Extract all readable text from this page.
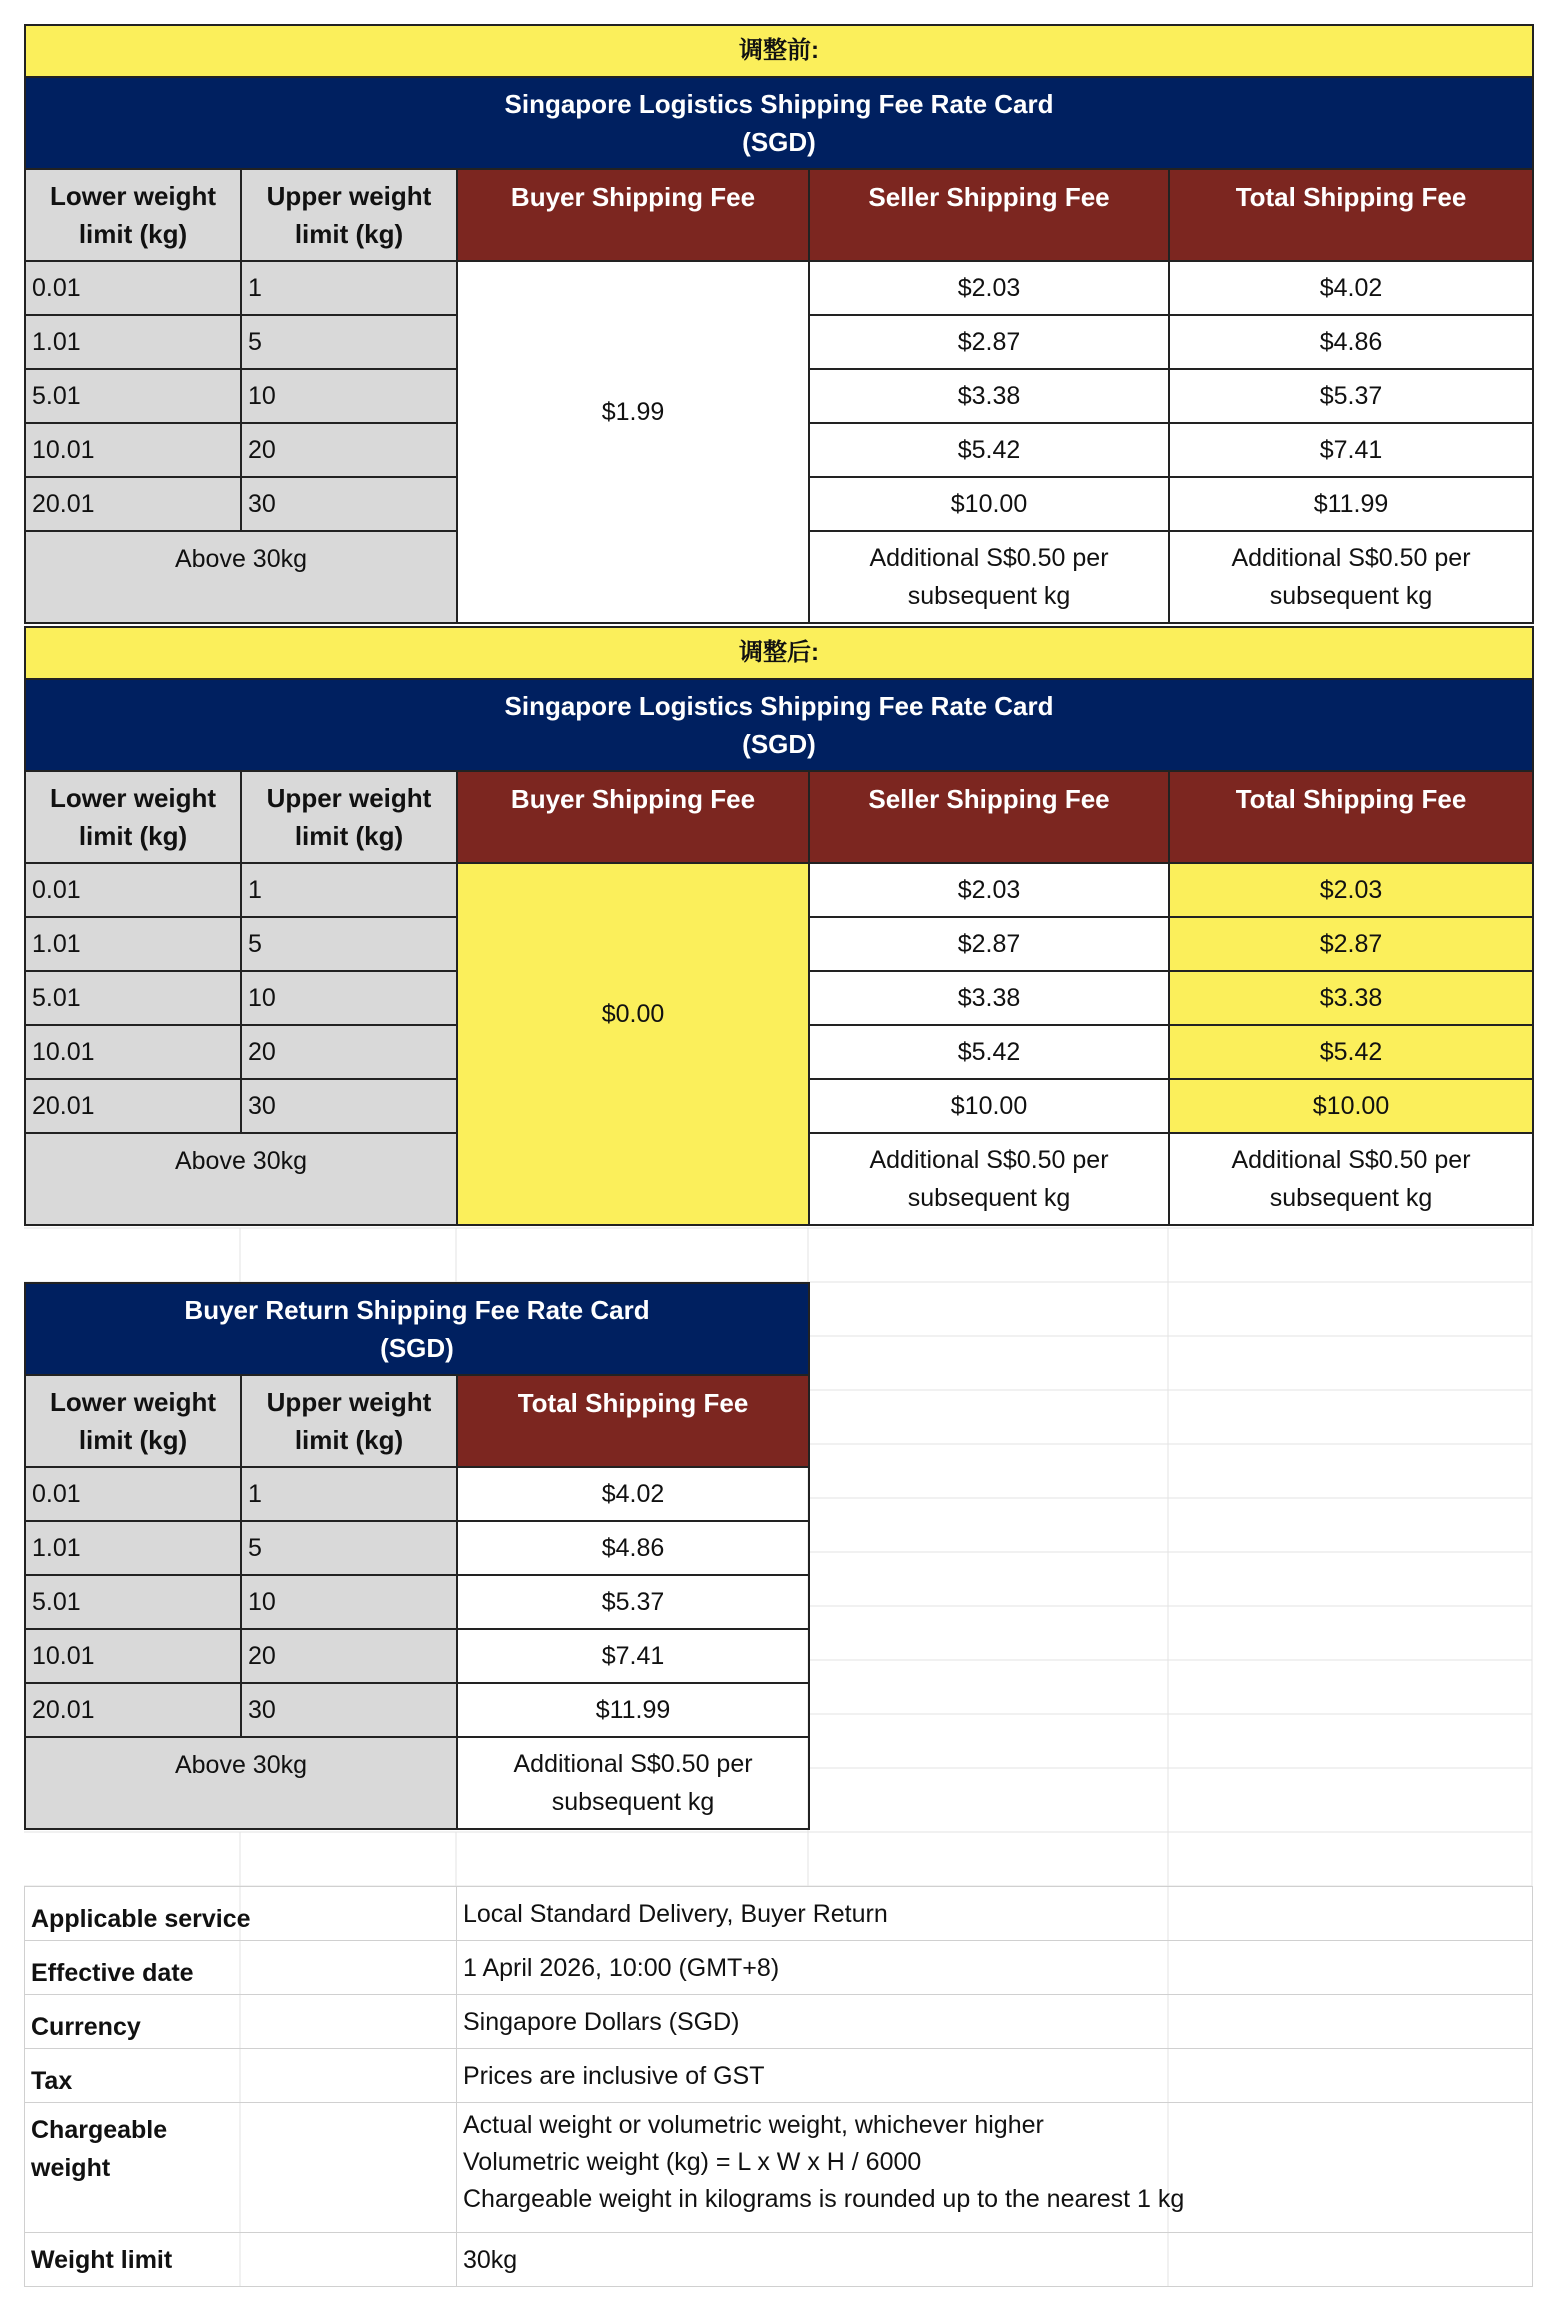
调整前:				

Singapore Logistics Shipping Fee Rate Card
(SGD)				

Lower weight limit (kg)	Upper weight limit (kg)	Buyer Shipping Fee	Seller Shipping Fee	Total Shipping Fee
0.01	1	$1.99	$2.03	$4.02
1.01	5		$2.87	$4.86
5.01	10		$3.38	$5.37
10.01	20		$5.42	$7.41
20.01	30		$10.00	$11.99
Above 30kg			Additional S$0.50 per subsequent kg	Additional S$0.50 per subsequent kg
调整后:				

Singapore Logistics Shipping Fee Rate Card
(SGD)				

Lower weight limit (kg)	Upper weight limit (kg)	Buyer Shipping Fee	Seller Shipping Fee	Total Shipping Fee
0.01	1	$0.00	$2.03	$2.03
1.01	5		$2.87	$2.87
5.01	10		$3.38	$3.38
10.01	20		$5.42	$5.42
20.01	30		$10.00	$10.00
Above 30kg			Additional S$0.50 per subsequent kg	Additional S$0.50 per subsequent kg
Buyer Return Shipping Fee Rate Card
(SGD)		

Lower weight limit (kg)	Upper weight limit (kg)	Total Shipping Fee
0.01	1	$4.02
1.01	5	$4.86
5.01	10	$5.37
10.01	20	$7.41
20.01	30	$11.99
Above 30kg		Additional S$0.50 per subsequent kg
Applicable service	Local Standard Delivery, Buyer Return

Effective date	1 April 2026, 10:00 (GMT+8)

Currency	Singapore Dollars (SGD)

Tax	Prices are inclusive of GST

Chargeable weight	Actual weight or volumetric weight, whichever higher
Volumetric weight (kg) = L x W x H / 6000
Chargeable weight in kilograms is rounded up to the nearest 1 kg

Weight limit	30kg
